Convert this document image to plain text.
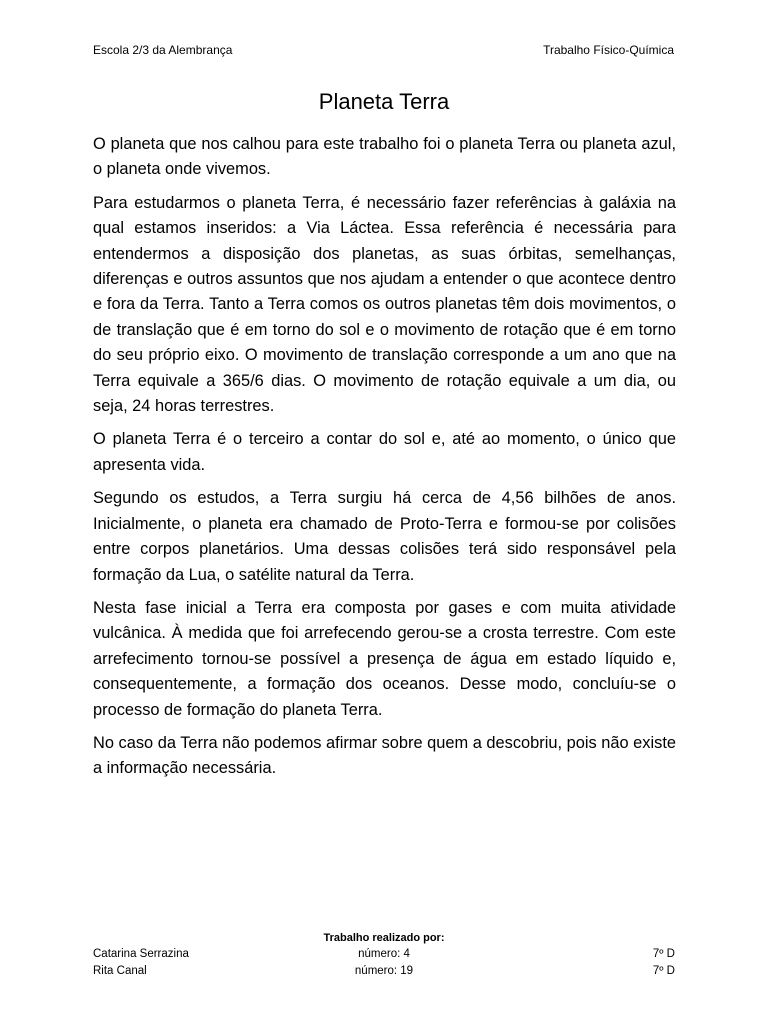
Escola 2/3 da Alembrança	Trabalho Físico-Química
Planeta Terra

O planeta que nos calhou para este trabalho foi o planeta Terra ou planeta azul, o planeta onde vivemos.

Para estudarmos o planeta Terra, é necessário fazer referências à galáxia na qual estamos inseridos: a Via Láctea. Essa referência é necessária para entendermos a disposição dos planetas, as suas órbitas, semelhanças, diferenças e outros assuntos que nos ajudam a entender o que acontece dentro e fora da Terra. Tanto a Terra comos os outros planetas têm dois movimentos, o de translação que é em torno do sol e o movimento de rotação que é em torno do seu próprio eixo. O movimento de translação corresponde a um ano que na Terra equivale a 365/6 dias. O movimento de rotação equivale a um dia, ou seja, 24 horas terrestres.

O planeta Terra é o terceiro a contar do sol e, até ao momento, o único que apresenta vida.

Segundo os estudos, a Terra surgiu há cerca de 4,56 bilhões de anos. Inicialmente, o planeta era chamado de Proto-Terra e formou-se por colisões entre corpos planetários. Uma dessas colisões terá sido responsável pela formação da Lua, o satélite natural da Terra.

Nesta fase inicial a Terra era composta por gases e com muita atividade vulcânica. À medida que foi arrefecendo gerou-se a crosta terrestre. Com este arrefecimento tornou-se possível a presença de água em estado líquido e, consequentemente, a formação dos oceanos. Desse modo, concluíu-se o processo de formação do planeta Terra.

No caso da Terra não podemos afirmar sobre quem a descobriu, pois não existe a informação necessária.

Trabalho realizado por:
Catarina Serrazina	número: 4	7º D
Rita Canal	número: 19	7º D
